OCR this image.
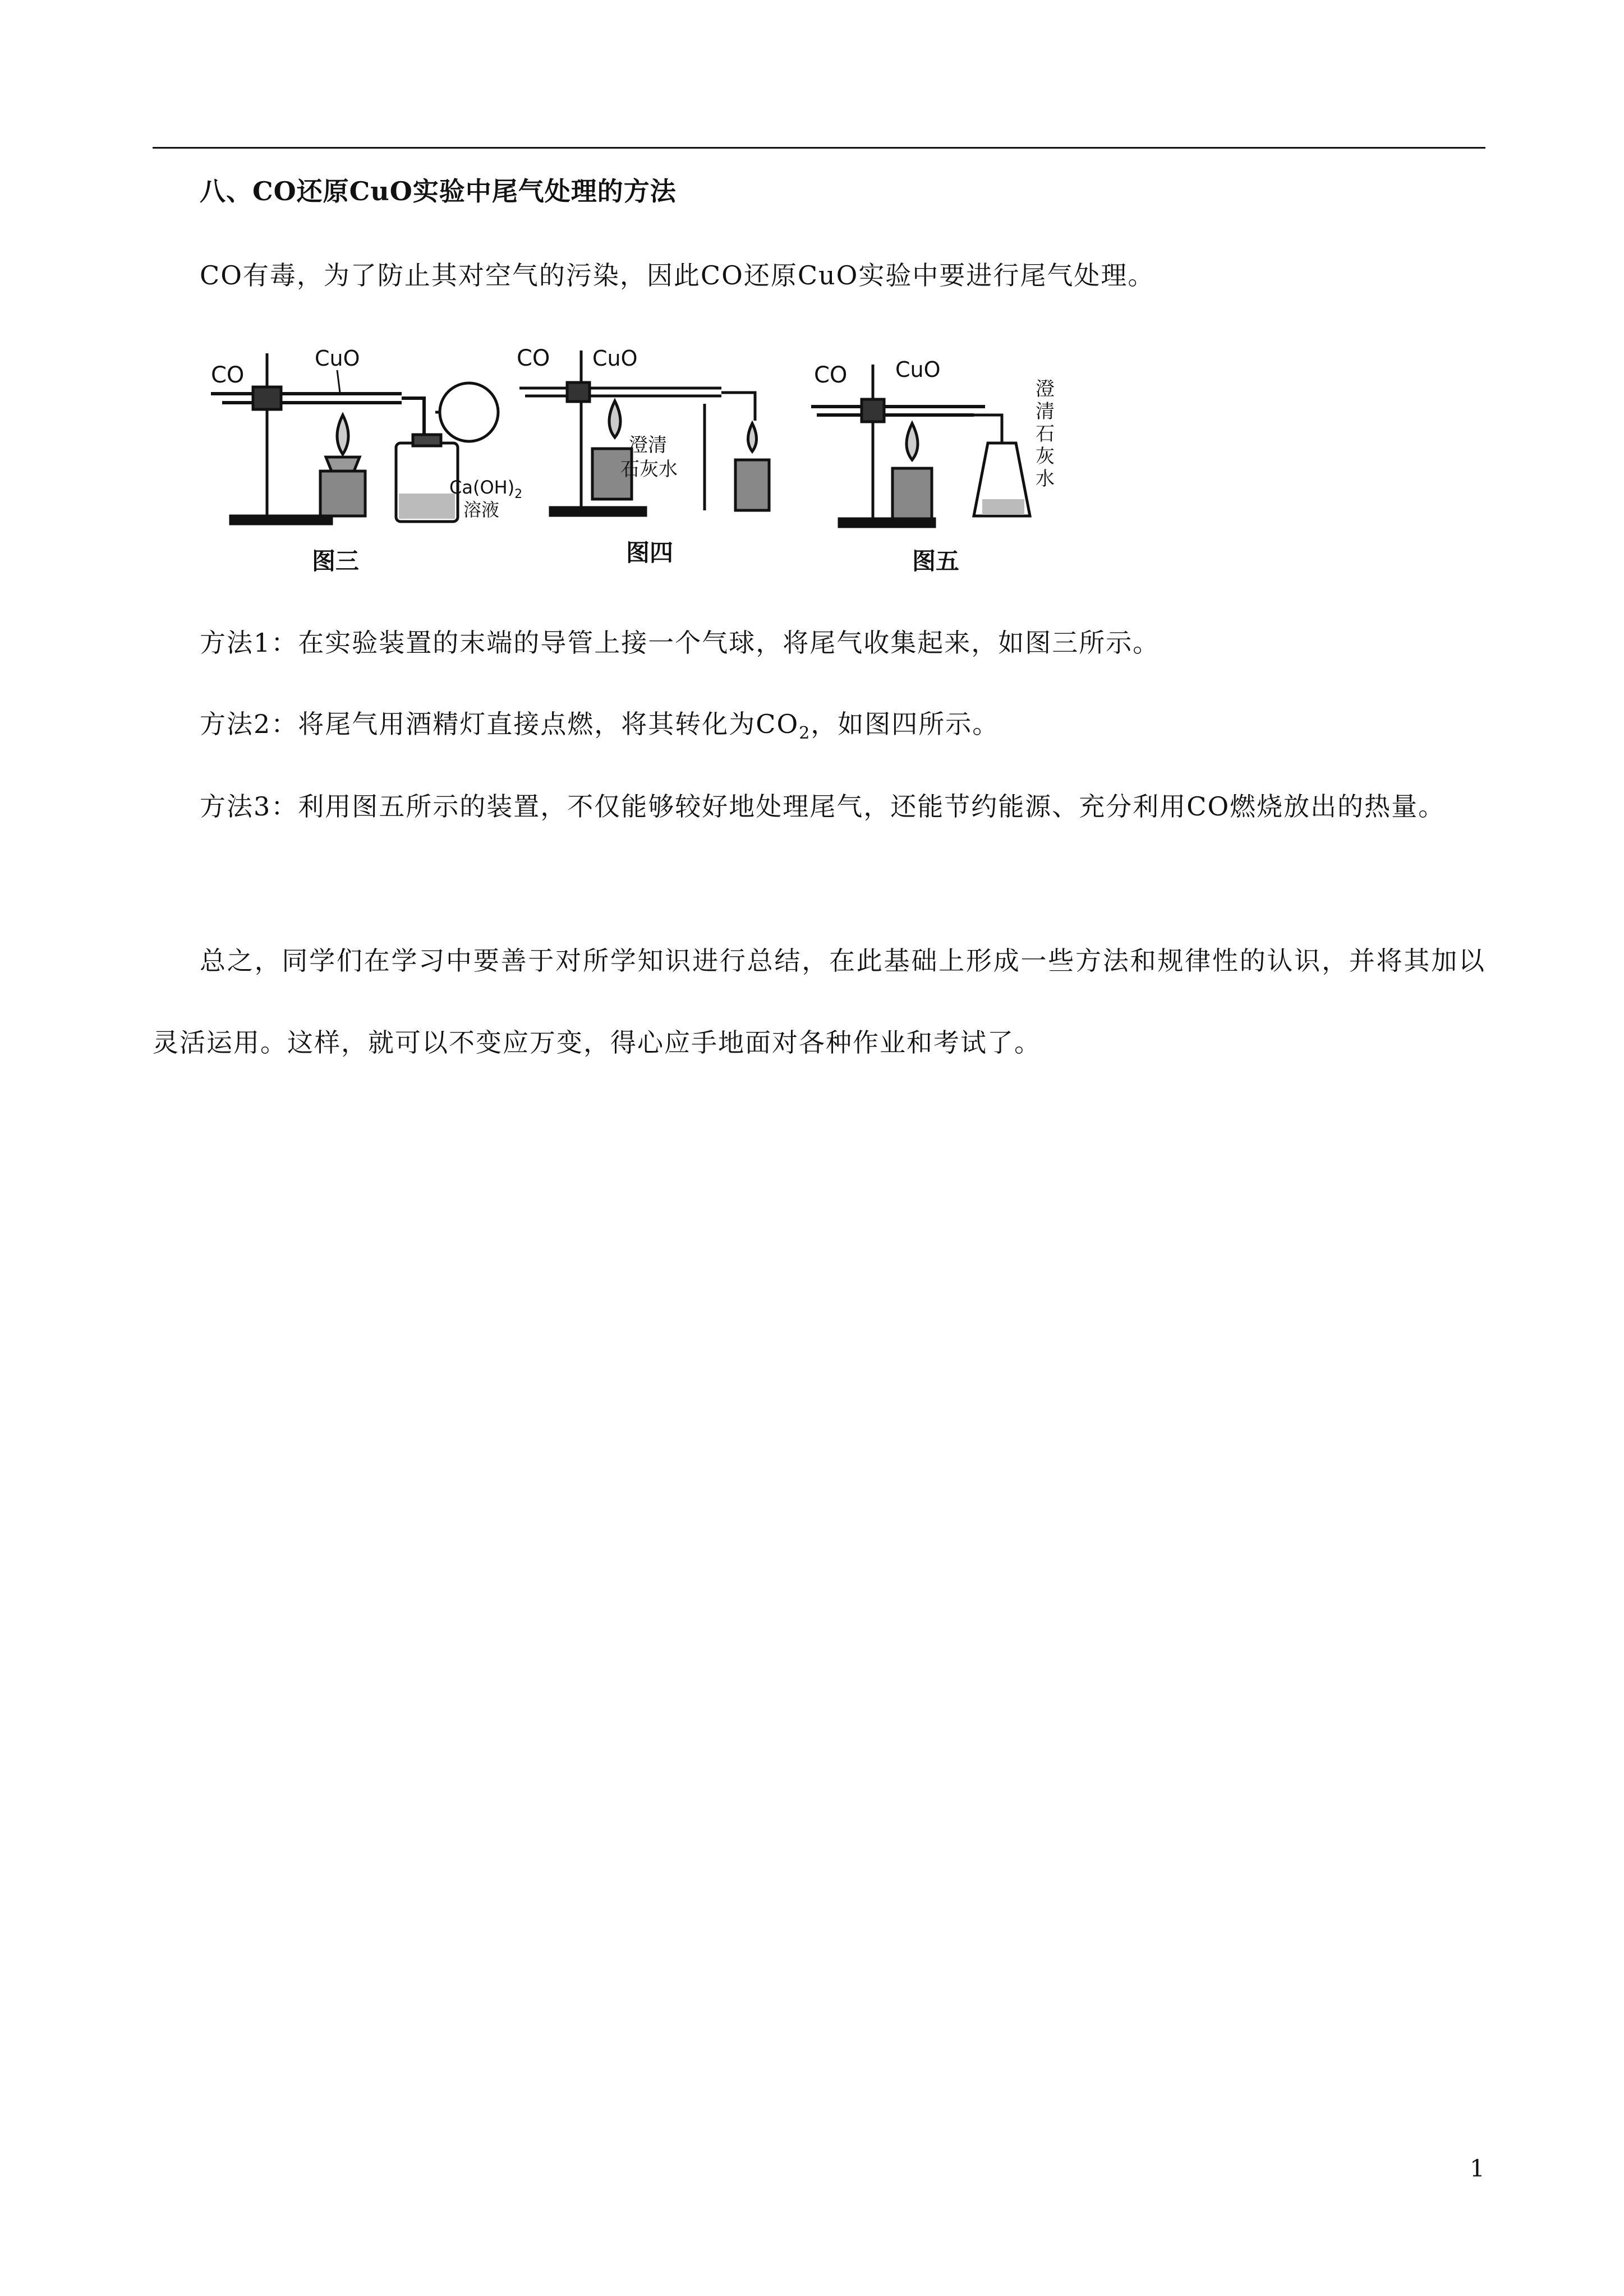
八、CO还原CuO实验中尾气处理的方法
CO有毒，为了防止其对空气的污染，因此CO还原CuO实验中要进行尾气处理。
CO
CuO
$Ca(OH)_2$
溶液
图三
CO CuO
澄清
石灰水
图四
CO CuO
澄
清
石
灰
水
图五
方法1：在实验装置的末端的导管上接一个气球，将尾气收集起来，如图三所示。
方法2：将尾气用酒精灯直接点燃，将其转化为$CO_2$，如图四所示。
方法3：利用图五所示的装置，不仅能够较好地处理尾气，还能节约能源、充分利用CO燃烧放出的热量。
总之，同学们在学习中要善于对所学知识进行总结，在此基础上形成一些方法和规律性的认识，并将其加以灵活运用。这样，就可以不变应万变，得心应手地面对各种作业和考试了。
1
